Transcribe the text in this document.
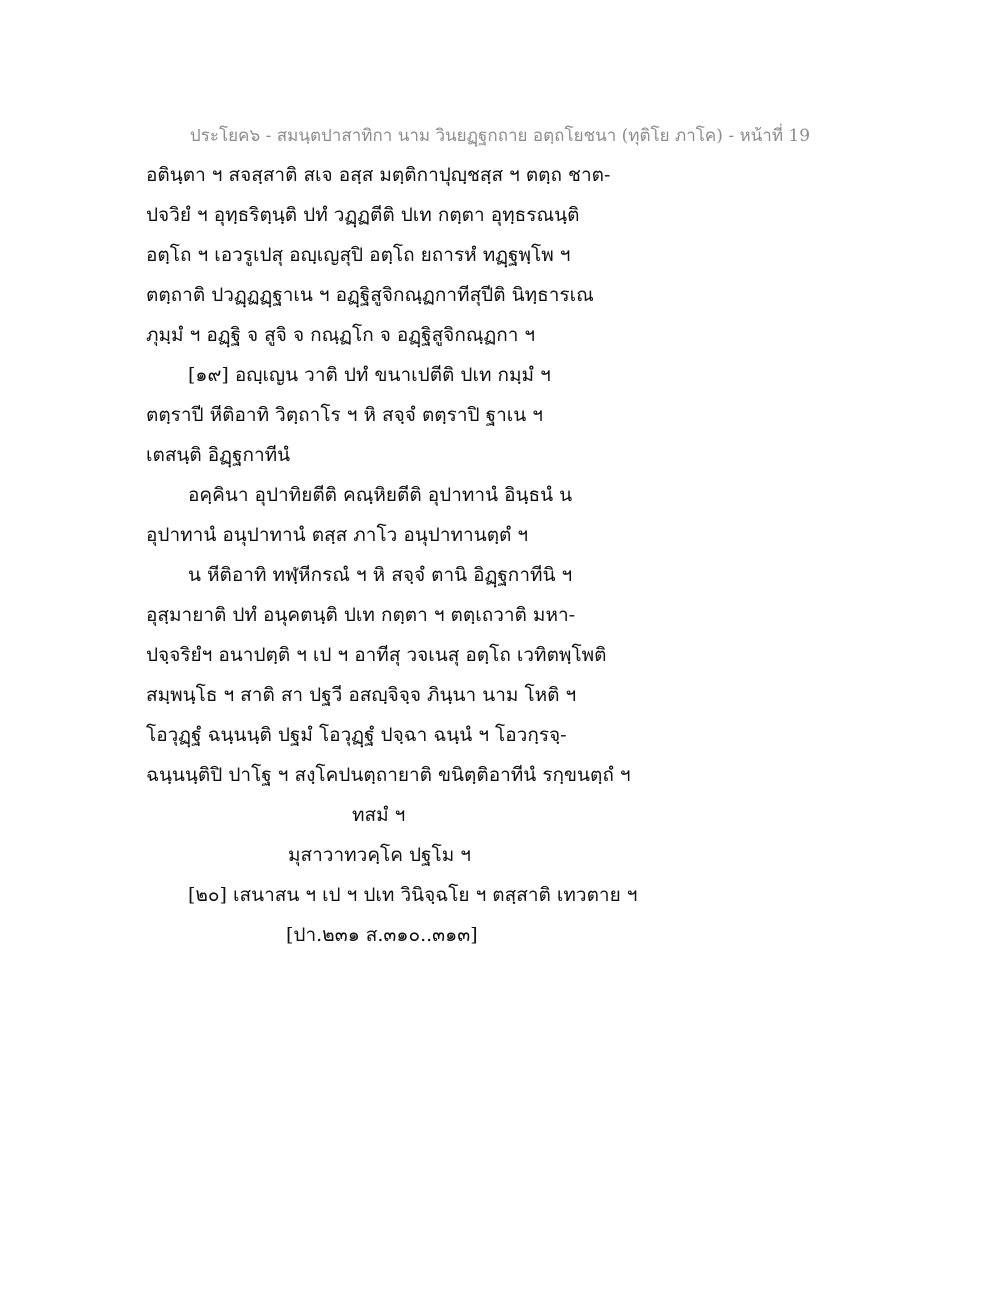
ประโยค๖ - สมนฺตปาสาทิกา นาม วินยฏฺฐกถาย อตฺถโยชนา (ทุติโย ภาโค) - หน้าที่ 19
อตินฺตา ฯ สจสฺสาติ สเจ อสฺส มตฺติกาปุญฺชสฺส ฯ ตตฺถ ชาต-
ปจวิยํ ฯ อุทฺธริตฺนฺติ ปทํ วฏฺฏตีติ ปเท กตฺตา อุทฺธรณนฺติ
อตฺโถ ฯ เอวรูเปสุ อญฺเญสุปิ อตฺโถ ยถารหํ ทฏฺฐพฺโพ ฯ
ตตฺถาติ ปวฏฺฏฏฺฐาเน ฯ อฏฺฐิสูจิกณฺฏกาทีสุปีติ นิทฺธารเณ
ภุมฺมํ ฯ อฏฺฐิ จ สูจิ จ กณฺฏโก จ อฏฺฐิสูจิกณฺฏกา ฯ
[๑๙] อญฺเญน วาติ ปทํ ขนาเปตีติ ปเท กมฺมํ ฯ
ตตฺราปี หีติอาทิ วิตฺถาโร ฯ หิ สจฺจํ ตตฺราปิ ฐาเน ฯ
เตสนฺติ อิฏฺฐกาทีนํ
อคฺคินา อุปาทิยตีติ คณฺหิยตีติ อุปาทานํ อินฺธนํ น
อุปาทานํ อนุปาทานํ ตสฺส ภาโว อนุปาทานตฺตํ ฯ
น หีติอาทิ ทฬฺหีกรณํ ฯ หิ สจฺจํ ตานิ อิฏฺฐกาทีนิ ฯ
อุสฺมายาติ ปทํ อนุคตนฺติ ปเท กตฺตา ฯ ตตฺเถวาติ มหา-
ปจฺจริยํฯ อนาปตฺติ ฯ เป ฯ อาทีสุ วจเนสุ อตฺโถ เวทิตพฺโพติ
สมฺพนฺโธ ฯ สาติ สา ปฐวี อสญฺจิจฺจ ภินฺนา นาม โหติ ฯ
โอวุฏฺฐํ ฉนฺนนฺติ ปฐมํ โอวุฏฺฐํ ปจฺฉา ฉนฺนํ ฯ โอวกฺรจฺ-
ฉนฺนนฺติปิ ปาโฐ ฯ สงฺโคปนตฺถายาติ ขนิตฺติอาทีนํ รกฺขนตฺถํ ฯ
ทสมํ ฯ
มุสาวาทวคฺโค ปฐโม ฯ
[๒๐] เสนาสน ฯ เป ฯ ปเท วินิจฺฉโย ฯ ตสฺสาติ เทวตาย ฯ
[ปา.๒๓๑ ส.๓๑๐..๓๑๓]
